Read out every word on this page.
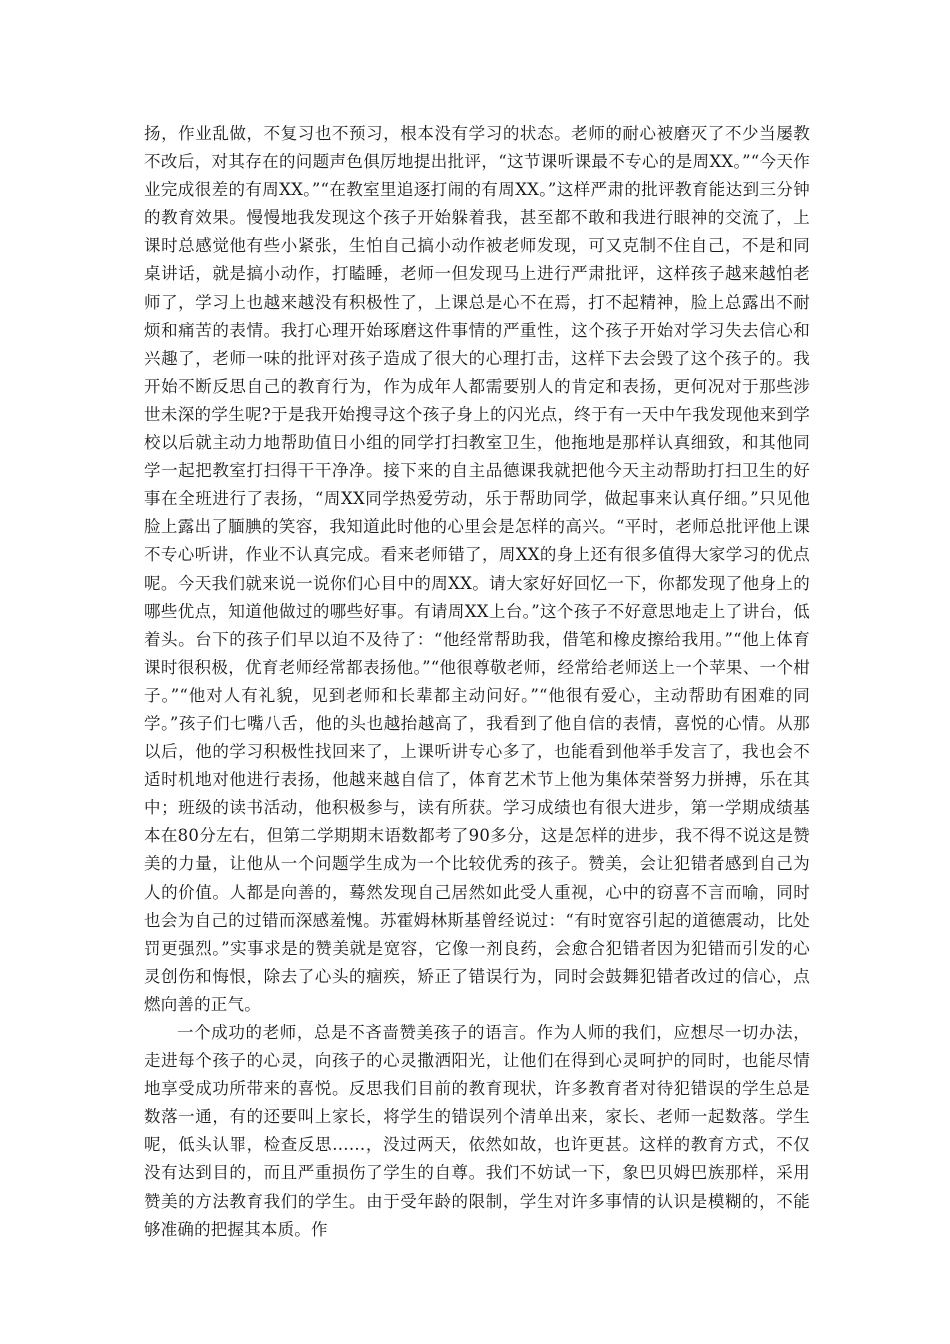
扬，作业乱做，不复习也不预习，根本没有学习的状态。老师的耐心被磨灭了不少当屡教不改后，对其存在的问题声色俱厉地提出批评，“这节课听课最不专心的是周XX。”“今天作业完成很差的有周XX。”“在教室里追逐打闹的有周XX。”这样严肃的批评教育能达到三分钟的教育效果。慢慢地我发现这个孩子开始躲着我，甚至都不敢和我进行眼神的交流了，上课时总感觉他有些小紧张，生怕自己搞小动作被老师发现，可又克制不住自己，不是和同桌讲话，就是搞小动作，打瞌睡，老师一但发现马上进行严肃批评，这样孩子越来越怕老师了，学习上也越来越没有积极性了，上课总是心不在焉，打不起精神，脸上总露出不耐烦和痛苦的表情。我打心理开始琢磨这件事情的严重性，这个孩子开始对学习失去信心和兴趣了，老师一味的批评对孩子造成了很大的心理打击，这样下去会毁了这个孩子的。我开始不断反思自己的教育行为，作为成年人都需要别人的肯定和表扬，更何况对于那些涉世未深的学生呢?于是我开始搜寻这个孩子身上的闪光点，终于有一天中午我发现他来到学校以后就主动力地帮助值日小组的同学打扫教室卫生，他拖地是那样认真细致，和其他同学一起把教室打扫得干干净净。接下来的自主品德课我就把他今天主动帮助打扫卫生的好事在全班进行了表扬，“周XX同学热爱劳动，乐于帮助同学，做起事来认真仔细。”只见他脸上露出了腼腆的笑容，我知道此时他的心里会是怎样的高兴。“平时，老师总批评他上课不专心听讲，作业不认真完成。看来老师错了，周XX的身上还有很多值得大家学习的优点呢。今天我们就来说一说你们心目中的周XX。请大家好好回忆一下，你都发现了他身上的哪些优点，知道他做过的哪些好事。有请周XX上台。”这个孩子不好意思地走上了讲台，低着头。台下的孩子们早以迫不及待了：“他经常帮助我，借笔和橡皮擦给我用。”“他上体育课时很积极，优育老师经常都表扬他。”“他很尊敬老师，经常给老师送上一个苹果、一个柑子。”“他对人有礼貌，见到老师和长辈都主动问好。”“他很有爱心，主动帮助有困难的同学。”孩子们七嘴八舌，他的头也越抬越高了，我看到了他自信的表情，喜悦的心情。从那以后，他的学习积极性找回来了，上课听讲专心多了，也能看到他举手发言了，我也会不适时机地对他进行表扬，他越来越自信了，体育艺术节上他为集体荣誉努力拼搏，乐在其中；班级的读书活动，他积极参与，读有所获。学习成绩也有很大进步，第一学期成绩基本在80分左右，但第二学期期末语数都考了90多分，这是怎样的进步，我不得不说这是赞美的力量，让他从一个问题学生成为一个比较优秀的孩子。赞美，会让犯错者感到自己为人的价值。人都是向善的，蓦然发现自己居然如此受人重视，心中的窃喜不言而喻，同时也会为自己的过错而深感羞愧。苏霍姆林斯基曾经说过：“有时宽容引起的道德震动，比处罚更强烈。”实事求是的赞美就是宽容，它像一剂良药，会愈合犯错者因为犯错而引发的心灵创伤和悔恨，除去了心头的痼疾，矫正了错误行为，同时会鼓舞犯错者改过的信心，点燃向善的正气。

一个成功的老师，总是不吝啬赞美孩子的语言。作为人师的我们，应想尽一切办法，走进每个孩子的心灵，向孩子的心灵撒洒阳光，让他们在得到心灵呵护的同时，也能尽情地享受成功所带来的喜悦。反思我们目前的教育现状，许多教育者对待犯错误的学生总是数落一通，有的还要叫上家长，将学生的错误列个清单出来，家长、老师一起数落。学生呢，低头认罪，检查反思……，没过两天，依然如故，也许更甚。这样的教育方式，不仅没有达到目的，而且严重损伤了学生的自尊。我们不妨试一下，象巴贝姆巴族那样，采用赞美的方法教育我们的学生。由于受年龄的限制，学生对许多事情的认识是模糊的，不能够准确的把握其本质。作
